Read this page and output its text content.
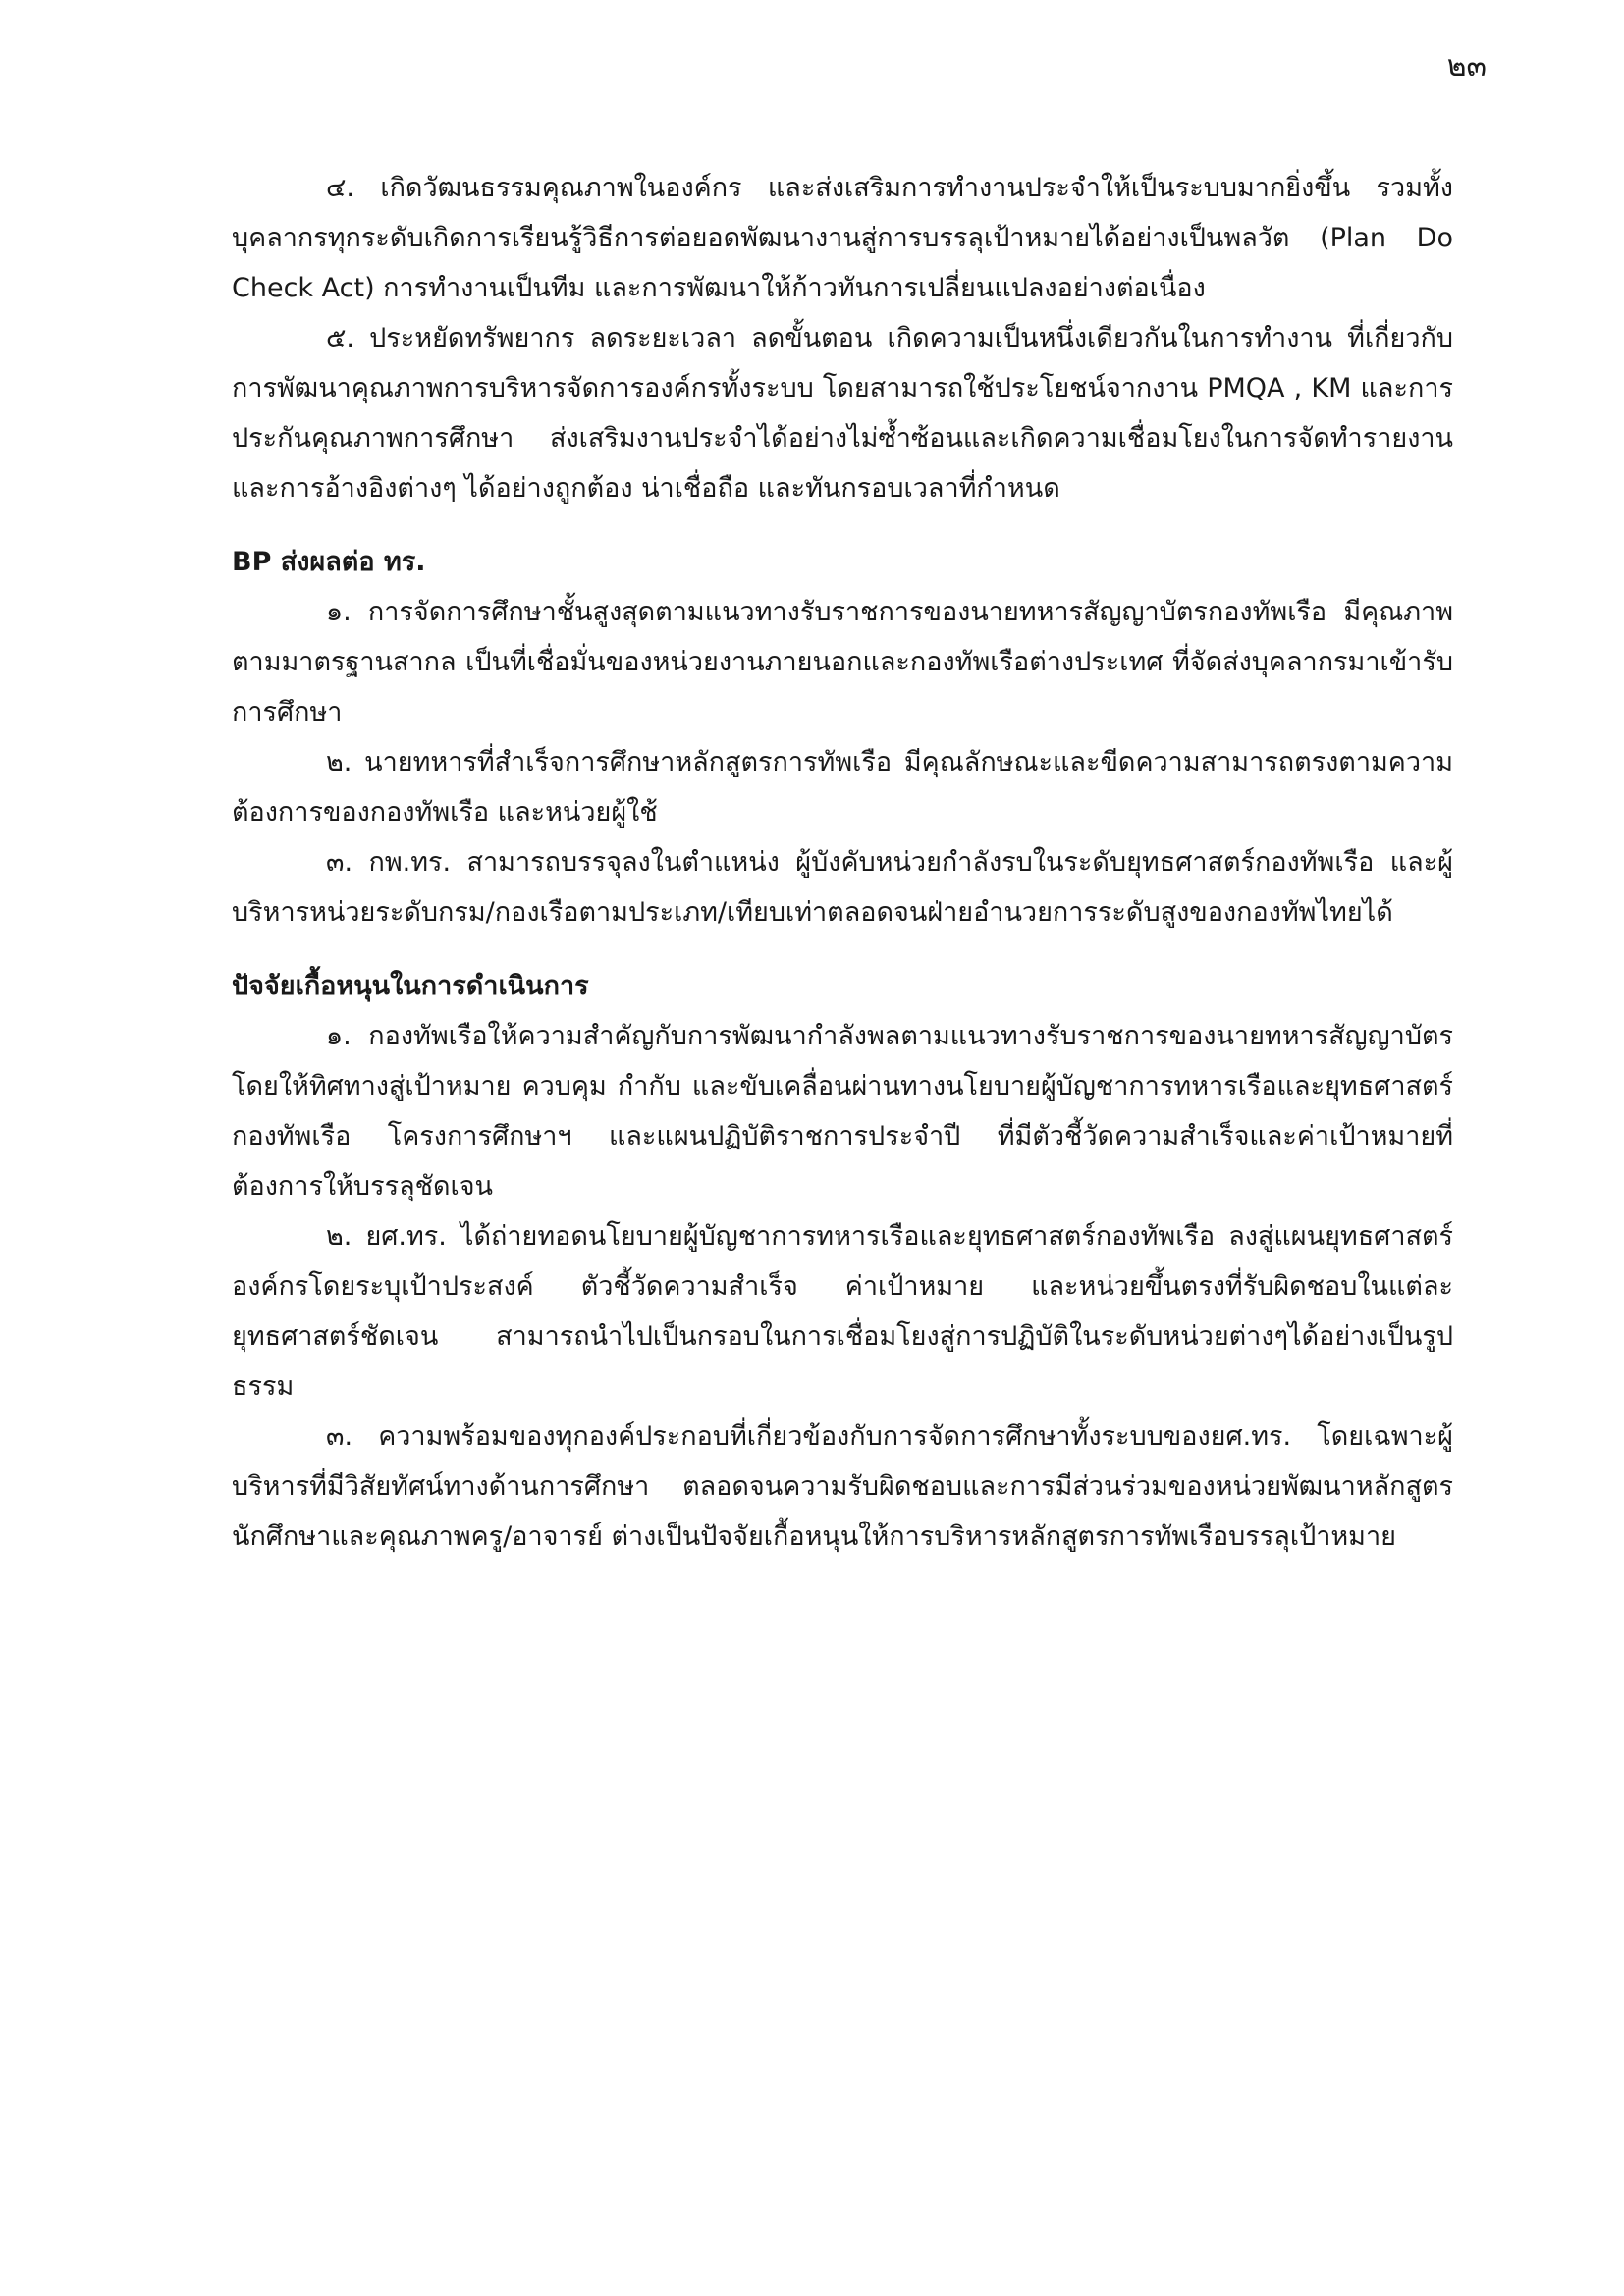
๒๓

๔. เกิดวัฒนธรรมคุณภาพในองค์กร และส่งเสริมการทำงานประจำให้เป็นระบบมากยิ่งขึ้น รวมทั้งบุคลากรทุกระดับเกิดการเรียนรู้วิธีการต่อยอดพัฒนางานสู่การบรรลุเป้าหมายได้อย่างเป็นพลวัต (Plan Do Check Act) การทำงานเป็นทีม และการพัฒนาให้ก้าวทันการเปลี่ยนแปลงอย่างต่อเนื่อง

๕. ประหยัดทรัพยากร ลดระยะเวลา ลดขั้นตอน เกิดความเป็นหนึ่งเดียวกันในการทำงาน ที่เกี่ยวกับการพัฒนาคุณภาพการบริหารจัดการองค์กรทั้งระบบ โดยสามารถใช้ประโยชน์จากงาน PMQA , KM และการประกันคุณภาพการศึกษา ส่งเสริมงานประจำได้อย่างไม่ซ้ำซ้อนและเกิดความเชื่อมโยงในการจัดทำรายงานและการอ้างอิงต่างๆ ได้อย่างถูกต้อง น่าเชื่อถือ และทันกรอบเวลาที่กำหนด

BP ส่งผลต่อ ทร.

๑. การจัดการศึกษาชั้นสูงสุดตามแนวทางรับราชการของนายทหารสัญญาบัตรกองทัพเรือ มีคุณภาพตามมาตรฐานสากล เป็นที่เชื่อมั่นของหน่วยงานภายนอกและกองทัพเรือต่างประเทศ ที่จัดส่งบุคลากรมาเข้ารับการศึกษา

๒. นายทหารที่สำเร็จการศึกษาหลักสูตรการทัพเรือ มีคุณลักษณะและขีดความสามารถตรงตามความต้องการของกองทัพเรือ และหน่วยผู้ใช้

๓. กพ.ทร. สามารถบรรจุลงในตำแหน่ง ผู้บังคับหน่วยกำลังรบในระดับยุทธศาสตร์กองทัพเรือ และผู้บริหารหน่วยระดับกรม/กองเรือตามประเภท/เทียบเท่าตลอดจนฝ่ายอำนวยการระดับสูงของกองทัพไทยได้

ปัจจัยเกื้อหนุนในการดำเนินการ

๑. กองทัพเรือให้ความสำคัญกับการพัฒนากำลังพลตามแนวทางรับราชการของนายทหารสัญญาบัตร โดยให้ทิศทางสู่เป้าหมาย ควบคุม กำกับ และขับเคลื่อนผ่านทางนโยบายผู้บัญชาการทหารเรือและยุทธศาสตร์กองทัพเรือ โครงการศึกษาฯ และแผนปฏิบัติราชการประจำปี ที่มีตัวชี้วัดความสำเร็จและค่าเป้าหมายที่ต้องการให้บรรลุชัดเจน

๒. ยศ.ทร. ได้ถ่ายทอดนโยบายผู้บัญชาการทหารเรือและยุทธศาสตร์กองทัพเรือ ลงสู่แผนยุทธศาสตร์องค์กรโดยระบุเป้าประสงค์ ตัวชี้วัดความสำเร็จ ค่าเป้าหมาย และหน่วยขึ้นตรงที่รับผิดชอบในแต่ละยุทธศาสตร์ชัดเจน สามารถนำไปเป็นกรอบในการเชื่อมโยงสู่การปฏิบัติในระดับหน่วยต่างๆได้อย่างเป็นรูปธรรม

๓. ความพร้อมของทุกองค์ประกอบที่เกี่ยวข้องกับการจัดการศึกษาทั้งระบบของยศ.ทร. โดยเฉพาะผู้บริหารที่มีวิสัยทัศน์ทางด้านการศึกษา ตลอดจนความรับผิดชอบและการมีส่วนร่วมของหน่วยพัฒนาหลักสูตรนักศึกษาและคุณภาพครู/อาจารย์ ต่างเป็นปัจจัยเกื้อหนุนให้การบริหารหลักสูตรการทัพเรือบรรลุเป้าหมาย
